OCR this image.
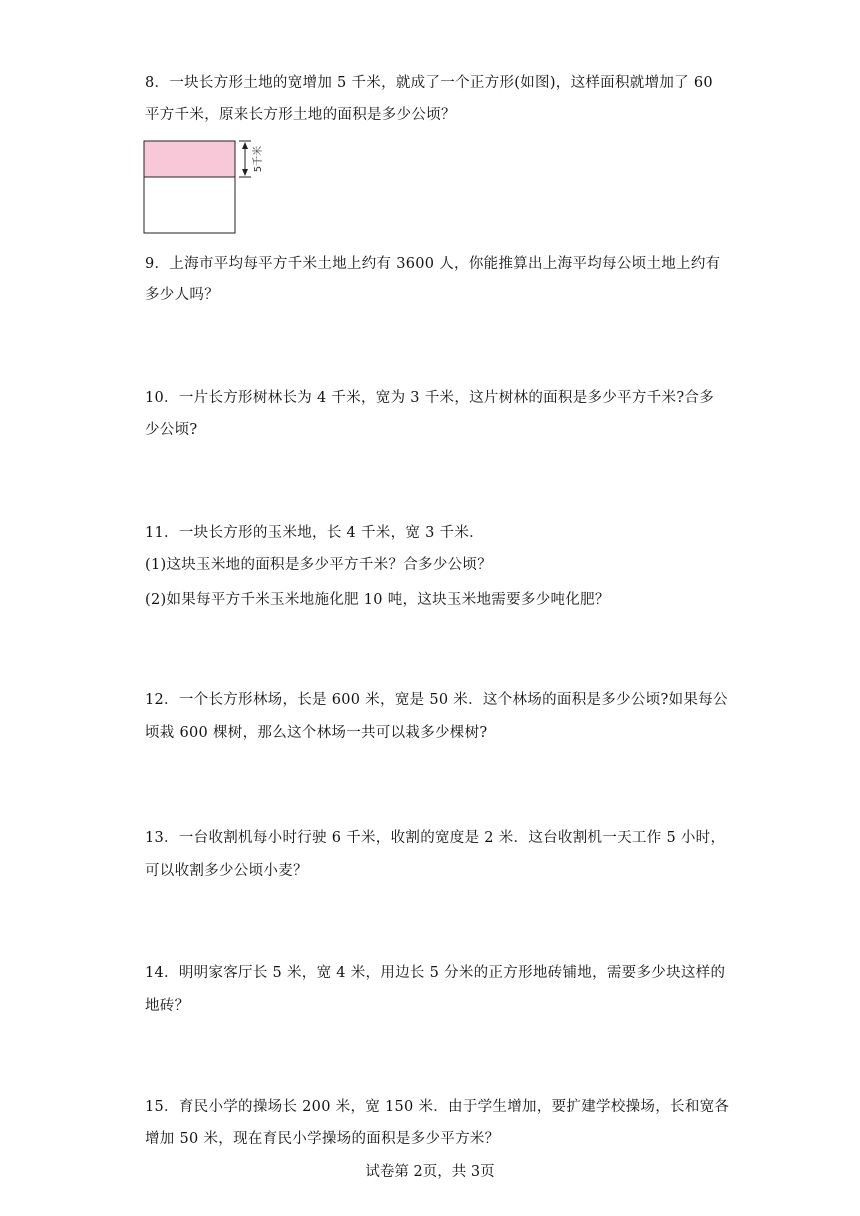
8．一块长方形土地的宽增加 5 千米，就成了一个正方形(如图)，这样面积就增加了 60
平方千米，原来长方形土地的面积是多少公顷？
5千米
9．上海市平均每平方千米土地上约有 3600 人，你能推算出上海平均每公顷土地上约有
多少人吗？
10．一片长方形树林长为 4 千米，宽为 3 千米，这片树林的面积是多少平方千米?合多
少公顷?
11．一块长方形的玉米地，长 4 千米，宽 3 千米．
(1)这块玉米地的面积是多少平方千米？合多少公顷？
(2)如果每平方千米玉米地施化肥 10 吨，这块玉米地需要多少吨化肥？
12．一个长方形林场，长是 600 米，宽是 50 米．这个林场的面积是多少公顷?如果每公
顷栽 600 棵树，那么这个林场一共可以栽多少棵树?
13．一台收割机每小时行驶 6 千米，收割的宽度是 2 米．这台收割机一天工作 5 小时，
可以收割多少公顷小麦？
14．明明家客厅长 5 米，宽 4 米，用边长 5 分米的正方形地砖铺地，需要多少块这样的
地砖？
15．育民小学的操场长 200 米，宽 150 米．由于学生增加，要扩建学校操场，长和宽各
增加 50 米，现在育民小学操场的面积是多少平方米？
试卷第 2页，共 3页
